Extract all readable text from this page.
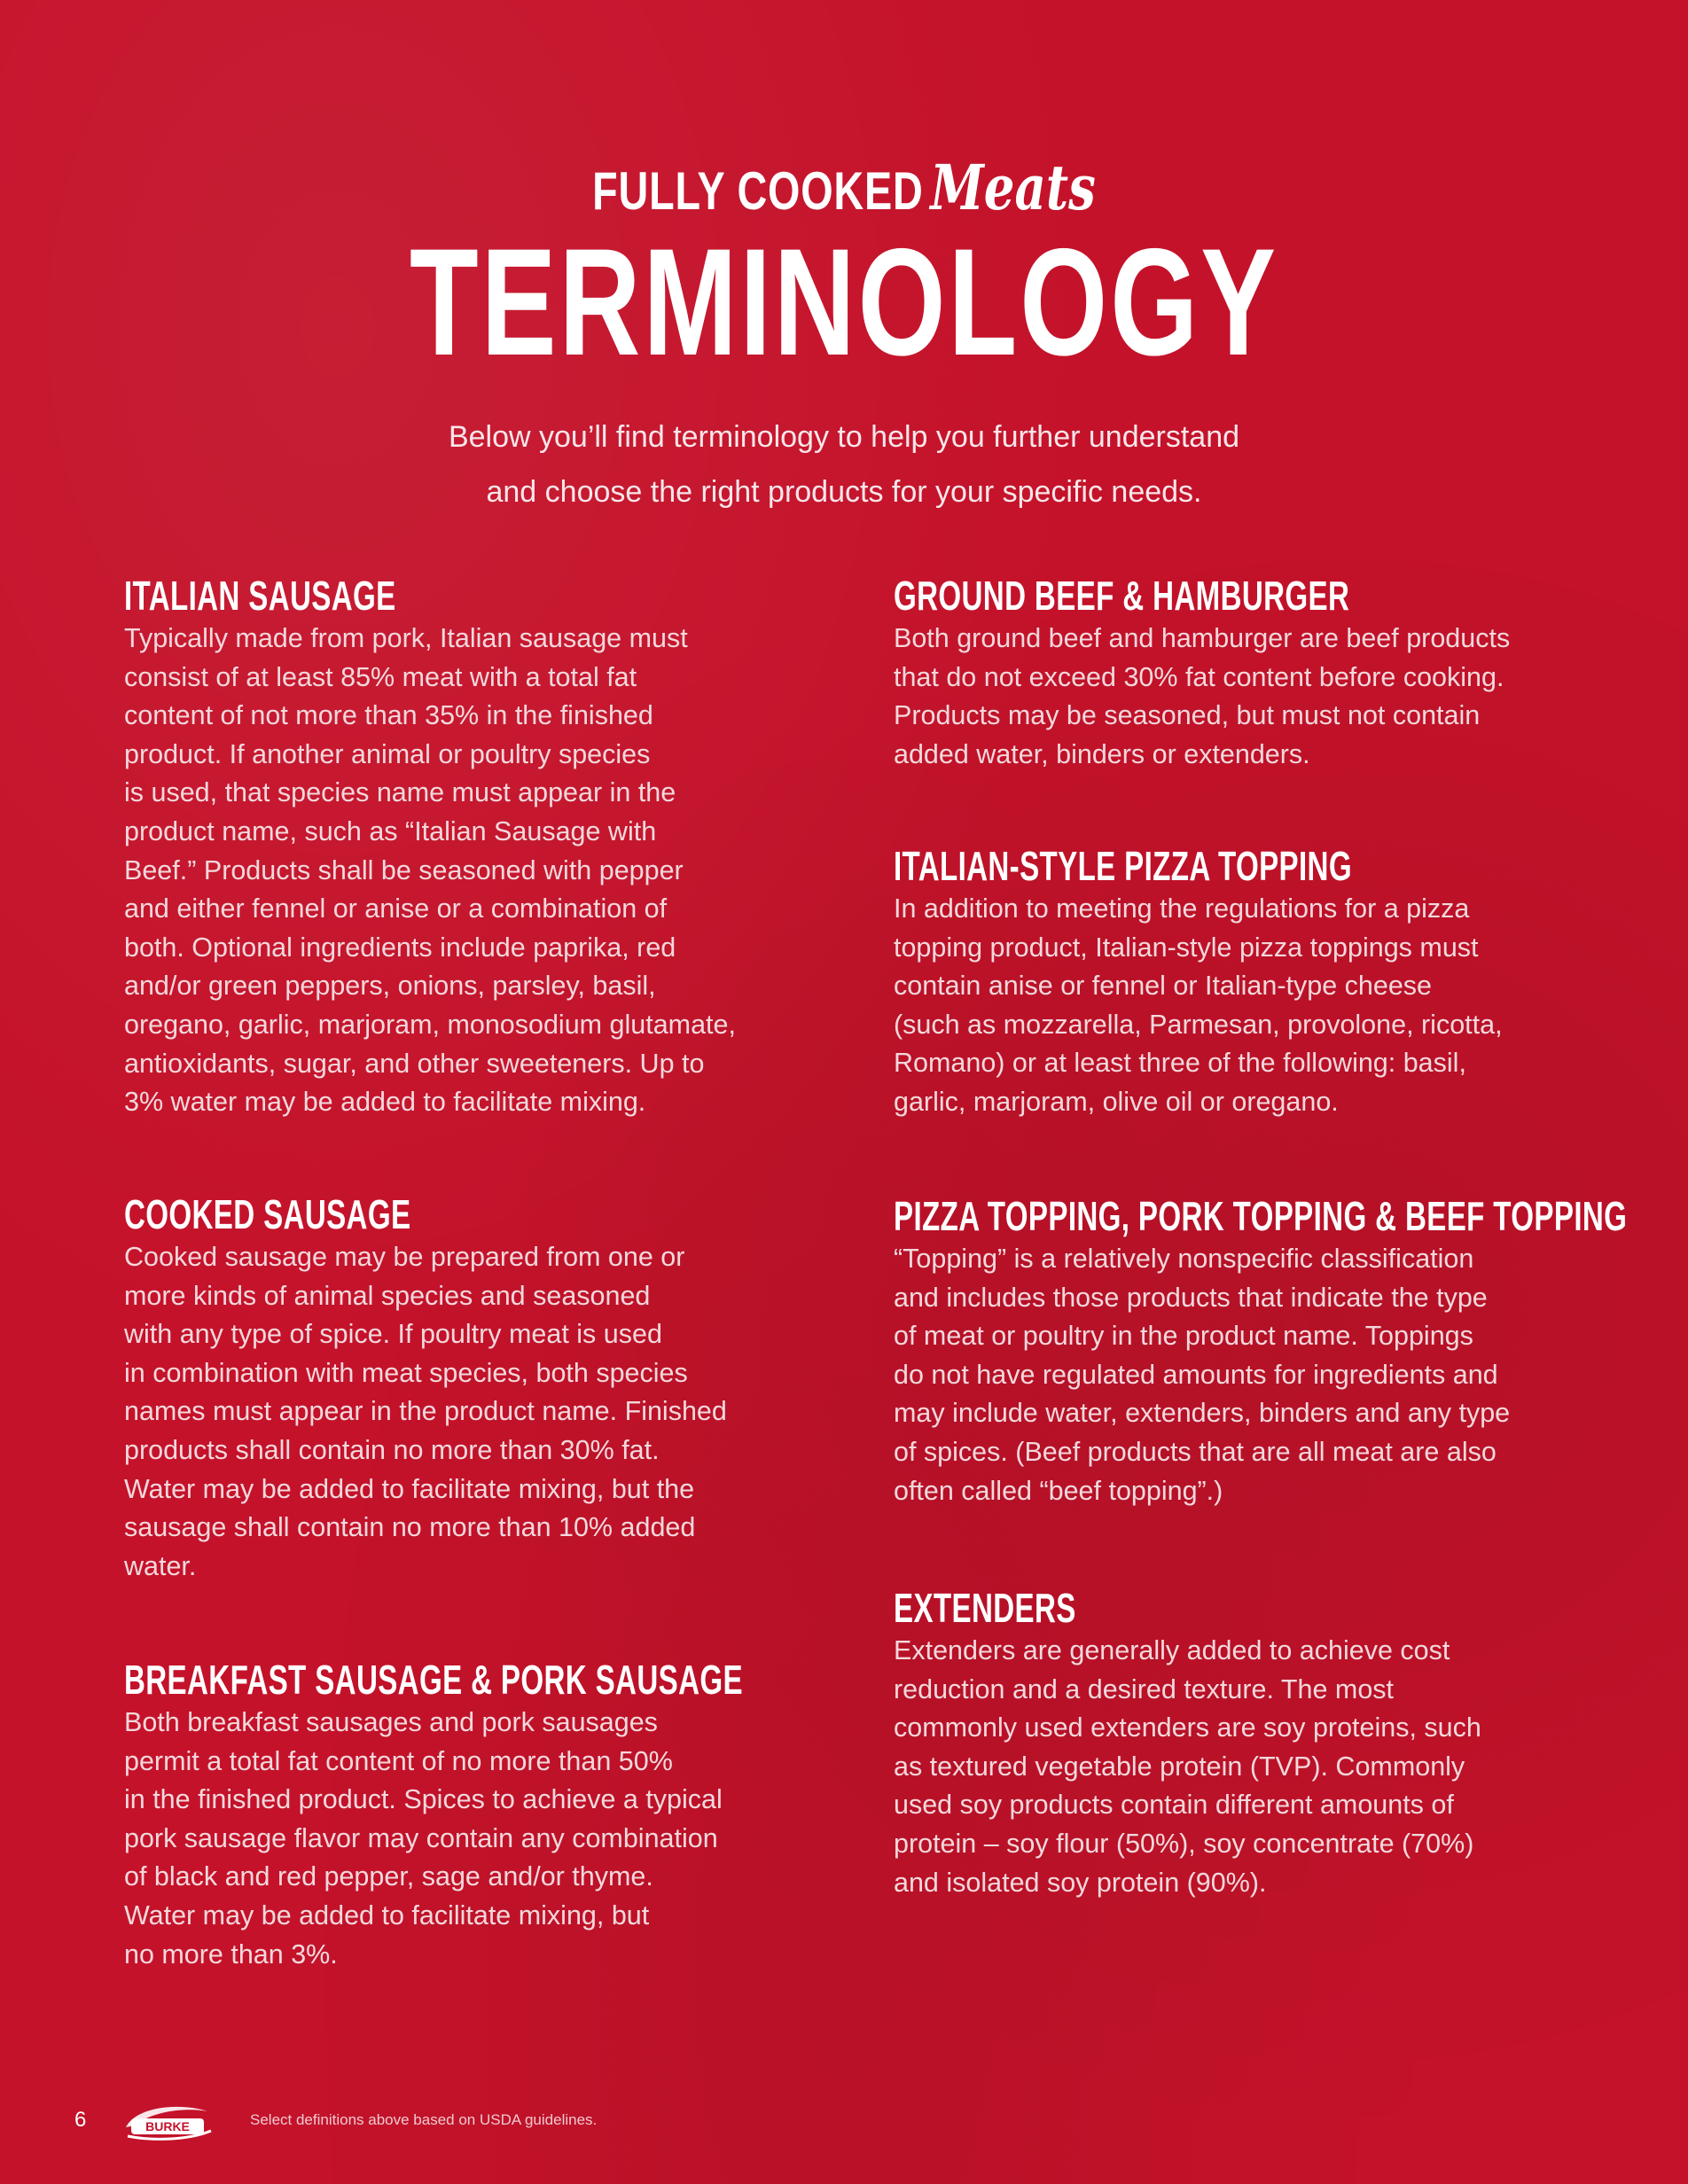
FULLY COOKED Meats
TERMINOLOGY
Below you’ll find terminology to help you further understand
and choose the right products for your specific needs.
ITALIAN SAUSAGE

Typically made from pork, Italian sausage must
consist of at least 85% meat with a total fat
content of not more than 35% in the finished
product. If another animal or poultry species
is used, that species name must appear in the
product name, such as “Italian Sausage with
Beef.” Products shall be seasoned with pepper
and either fennel or anise or a combination of
both. Optional ingredients include paprika, red
and/or green peppers, onions, parsley, basil,
oregano, garlic, marjoram, monosodium glutamate,
antioxidants, sugar, and other sweeteners. Up to
3% water may be added to facilitate mixing.

COOKED SAUSAGE

Cooked sausage may be prepared from one or
more kinds of animal species and seasoned
with any type of spice. If poultry meat is used
in combination with meat species, both species
names must appear in the product name. Finished
products shall contain no more than 30% fat.
Water may be added to facilitate mixing, but the
sausage shall contain no more than 10% added
water.

BREAKFAST SAUSAGE & PORK SAUSAGE

Both breakfast sausages and pork sausages
permit a total fat content of no more than 50%
in the finished product. Spices to achieve a typical
pork sausage flavor may contain any combination
of black and red pepper, sage and/or thyme.
Water may be added to facilitate mixing, but
no more than 3%.

GROUND BEEF & HAMBURGER

Both ground beef and hamburger are beef products
that do not exceed 30% fat content before cooking.
Products may be seasoned, but must not contain
added water, binders or extenders.

ITALIAN-STYLE PIZZA TOPPING

In addition to meeting the regulations for a pizza
topping product, Italian-style pizza toppings must
contain anise or fennel or Italian-type cheese
(such as mozzarella, Parmesan, provolone, ricotta,
Romano) or at least three of the following: basil,
garlic, marjoram, olive oil or oregano.

PIZZA TOPPING, PORK TOPPING & BEEF TOPPING

“Topping” is a relatively nonspecific classification
and includes those products that indicate the type
of meat or poultry in the product name. Toppings
do not have regulated amounts for ingredients and
may include water, extenders, binders and any type
of spices. (Beef products that are all meat are also
often called “beef topping”.)

EXTENDERS

Extenders are generally added to achieve cost
reduction and a desired texture. The most
commonly used extenders are soy proteins, such
as textured vegetable protein (TVP). Commonly
used soy products contain different amounts of
protein – soy flour (50%), soy concentrate (70%)
and isolated soy protein (90%).

6	BURKE	Select definitions above based on USDA guidelines.
